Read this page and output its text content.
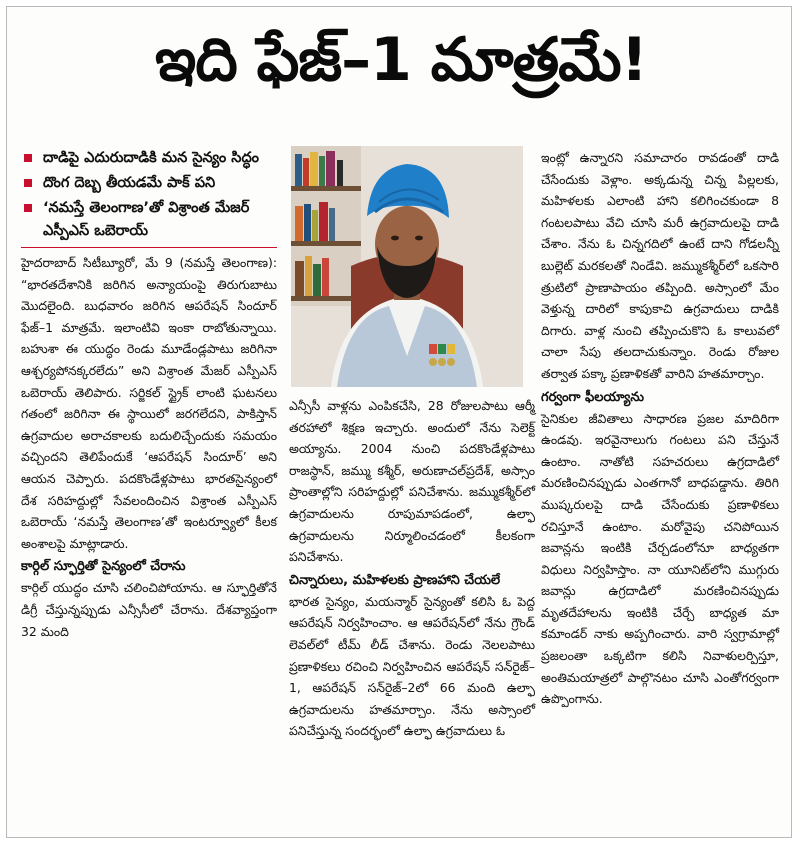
ఇది ఫేజ్‌–1 మాత్రమే!
దాడిపై ఎదురుదాడికి మన సైన్యం సిద్ధం
దొంగ దెబ్బ తీయడమే పాక్‌ పని
‘నమస్తే తెలంగాణ’తో విశ్రాంత మేజర్‌ ఎస్పీఎస్‌ ఒబెరాయ్‌

హైదరాబాద్‌ సిటీబ్యూరో, మే 9 (నమస్తే తెలంగాణ): “భారతదేశానికి జరిగిన అన్యాయంపై తిరుగుబాటు మొదలైంది. బుధవారం జరిగిన ఆపరేషన్‌ సిందూర్‌ ఫేజ్‌–1 మాత్రమే. ఇలాంటివి ఇంకా రాబోతున్నాయి. బహుశా ఈ యుద్ధం రెండు మూడేండ్లపాటు జరిగినా ఆశ్చర్యపోనక్కరలేదు” అని విశ్రాంత మేజర్‌ ఎస్పీఎస్‌ ఒబెరాయ్‌ తెలిపారు. సర్జికల్‌ స్ట్రైక్‌ లాంటి ఘటనలు గతంలో జరిగినా ఈ స్థాయిలో జరగలేదని, పాకిస్తాన్‌ ఉగ్రవాదుల అరాచకాలకు బదులిచ్చేందుకు సమయం వచ్చిందని తెలిపేందుకే ‘ఆపరేషన్‌ సిందూర్‌’ అని ఆయన చెప్పారు. పదకొండేళ్లపాటు భారతసైన్యంలో దేశ సరిహద్దుల్లో సేవలందించిన విశ్రాంత ఎస్పీఎస్‌ ఒబెరాయ్‌ ‘నమస్తే తెలంగాణ’తో ఇంటర్వ్యూలో కీలక అంశాలపై మాట్లాడారు.

కార్గిల్‌ స్ఫూర్తితో సైన్యంలో చేరాను

కార్గిల్‌ యుద్ధం చూసి చలించిపోయాను. ఆ స్ఫూర్తితోనే డిగ్రీ చేస్తున్నప్పుడు ఎన్సీసీలో చేరాను. దేశవ్యాప్తంగా 32 మంది

ఎన్సీసీ వాళ్లను ఎంపికచేసి, 28 రోజులపాటు ఆర్మీ తరహాలో శిక్షణ ఇచ్చారు. అందులో నేను సెలెక్ట్‌ అయ్యాను. 2004 నుంచి పదకొండేళ్లపాటు రాజస్థాన్‌, జమ్ము కశ్మీర్‌, అరుణాచల్‌ప్రదేశ్‌, అస్సాం ప్రాంతాల్లోని సరిహద్దుల్లో పనిచేశాను. జమ్ముకశ్మీర్‌లో ఉగ్రవాదులను రూపుమాపడంలో, ఉల్ఫా ఉగ్రవాదులను నిర్మూలించడంలో కీలకంగా పనిచేశాను.

చిన్నారులు, మహిళలకు ప్రాణహాని చేయలే

భారత సైన్యం, మయన్మార్‌ సైన్యంతో కలిసి ఓ పెద్ద ఆపరేషన్‌ నిర్వహించాం. ఆ ఆపరేషన్‌లో నేను గ్రౌండ్‌ లెవల్‌లో టీమ్‌ లీడ్‌ చేశాను. రెండు నెలలపాటు ప్రణాళికలు రచించి నిర్వహించిన ఆపరేషన్‌ సన్‌రైజ్‌–1, ఆపరేషన్‌ సన్‌రైజ్‌–2లో 66 మంది ఉల్ఫా ఉగ్రవాదులను హతమార్చాం. నేను అస్సాంలో పనిచేస్తున్న సందర్భంలో ఉల్ఫా ఉగ్రవాదులు ఓ

ఇంట్లో ఉన్నారని సమాచారం రావడంతో దాడి చేసేందుకు వెళ్లాం. అక్కడున్న చిన్న పిల్లలకు, మహిళలకు ఎలాంటి హాని కలిగించకుండా 8 గంటలపాటు వేచి చూసి మరీ ఉగ్రవాదులపై దాడి చేశాం. నేను ఓ చిన్నగదిలో ఉంటే దాని గోడలన్నీ బుల్లెట్‌ మరకలతో నిండేవి. జమ్ముకశ్మీర్‌లో ఒకసారి త్రుటిలో ప్రాణాపాయం తప్పింది. అస్సాంలో మేం వెళ్తున్న దారిలో కాపుకాచి ఉగ్రవాదులు దాడికి దిగారు. వాళ్ల నుంచి తప్పించుకొని ఓ కాలువలో చాలా సేపు తలదాచుకున్నాం. రెండు రోజుల తర్వాత పక్కా ప్రణాళికతో వారిని హతమార్చాం.

గర్వంగా ఫీలయ్యాను

సైనికుల జీవితాలు సాధారణ ప్రజల మాదిరిగా ఉండవు. ఇరవైనాలుగు గంటలు పని చేస్తునే ఉంటాం. నాతోటి సహచరులు ఉగ్రదాడిలో మరణించినప్పుడు ఎంతగానో బాధపడ్డాను. తిరిగి ముష్కరులపై దాడి చేసేందుకు ప్రణాళికలు రచిస్తూనే ఉంటాం. మరోవైపు చనిపోయిన జవాన్లను ఇంటికి చేర్చడంలోనూ బాధ్యతగా విధులు నిర్వహిస్తాం. నా యూనిట్‌లోని ముగ్గురు జవాన్లు ఉగ్రదాడిలో మరణించినప్పుడు మృతదేహాలను ఇంటికి చేర్చే బాధ్యత మా కమాండర్‌ నాకు అప్పగించారు. వారి స్వగ్రామాల్లో ప్రజలంతా ఒక్కటిగా కలిసి నివాళులర్పిస్తూ, అంతిమయాత్రలో పాల్గొనటం చూసి ఎంతోగర్వంగా ఉప్పొంగాను.
